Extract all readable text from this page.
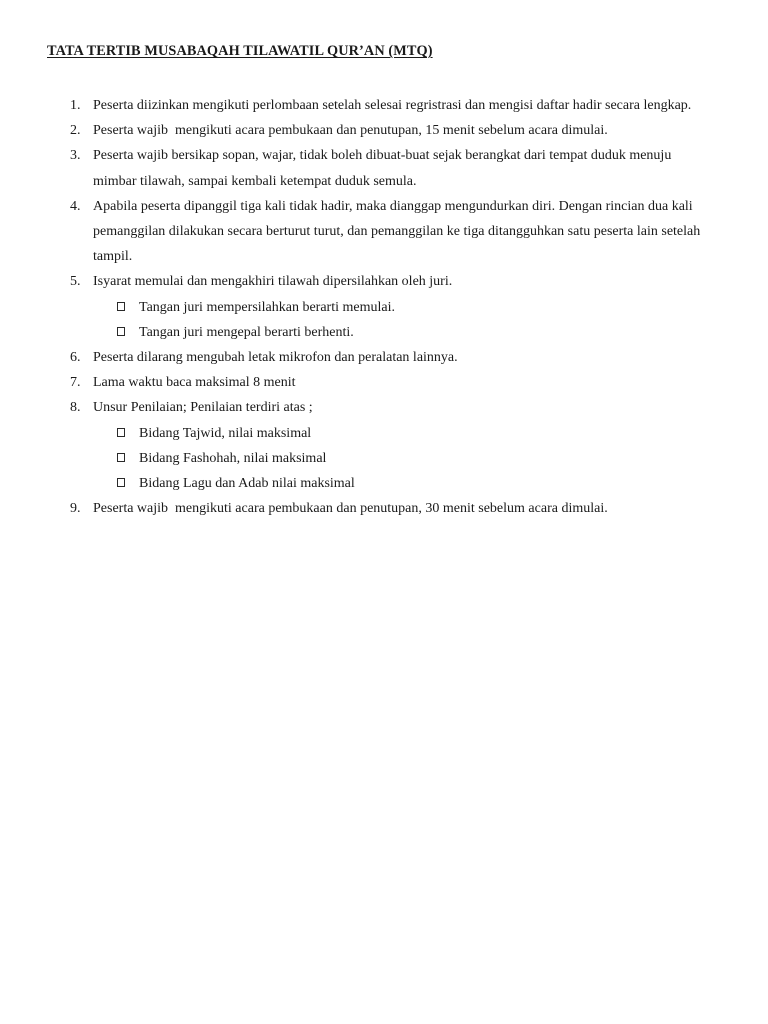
TATA TERTIB MUSABAQAH TILAWATIL QUR’AN (MTQ)
1. Peserta diizinkan mengikuti perlombaan setelah selesai regristrasi dan mengisi daftar hadir secara lengkap.
2. Peserta wajib  mengikuti acara pembukaan dan penutupan, 15 menit sebelum acara dimulai.
3. Peserta wajib bersikap sopan, wajar, tidak boleh dibuat-buat sejak berangkat dari tempat duduk menuju mimbar tilawah, sampai kembali ketempat duduk semula.
4. Apabila peserta dipanggil tiga kali tidak hadir, maka dianggap mengundurkan diri. Dengan rincian dua kali pemanggilan dilakukan secara berturut turut, dan pemanggilan ke tiga ditangguhkan satu peserta lain setelah tampil.
5. Isyarat memulai dan mengakhiri tilawah dipersilahkan oleh juri.
Tangan juri mempersilahkan berarti memulai.
Tangan juri mengepal berarti berhenti.
6. Peserta dilarang mengubah letak mikrofon dan peralatan lainnya.
7. Lama waktu baca maksimal 8 menit
8. Unsur Penilaian; Penilaian terdiri atas ;
Bidang Tajwid, nilai maksimal
Bidang Fashohah, nilai maksimal
Bidang Lagu dan Adab nilai maksimal
9. Peserta wajib  mengikuti acara pembukaan dan penutupan, 30 menit sebelum acara dimulai.
